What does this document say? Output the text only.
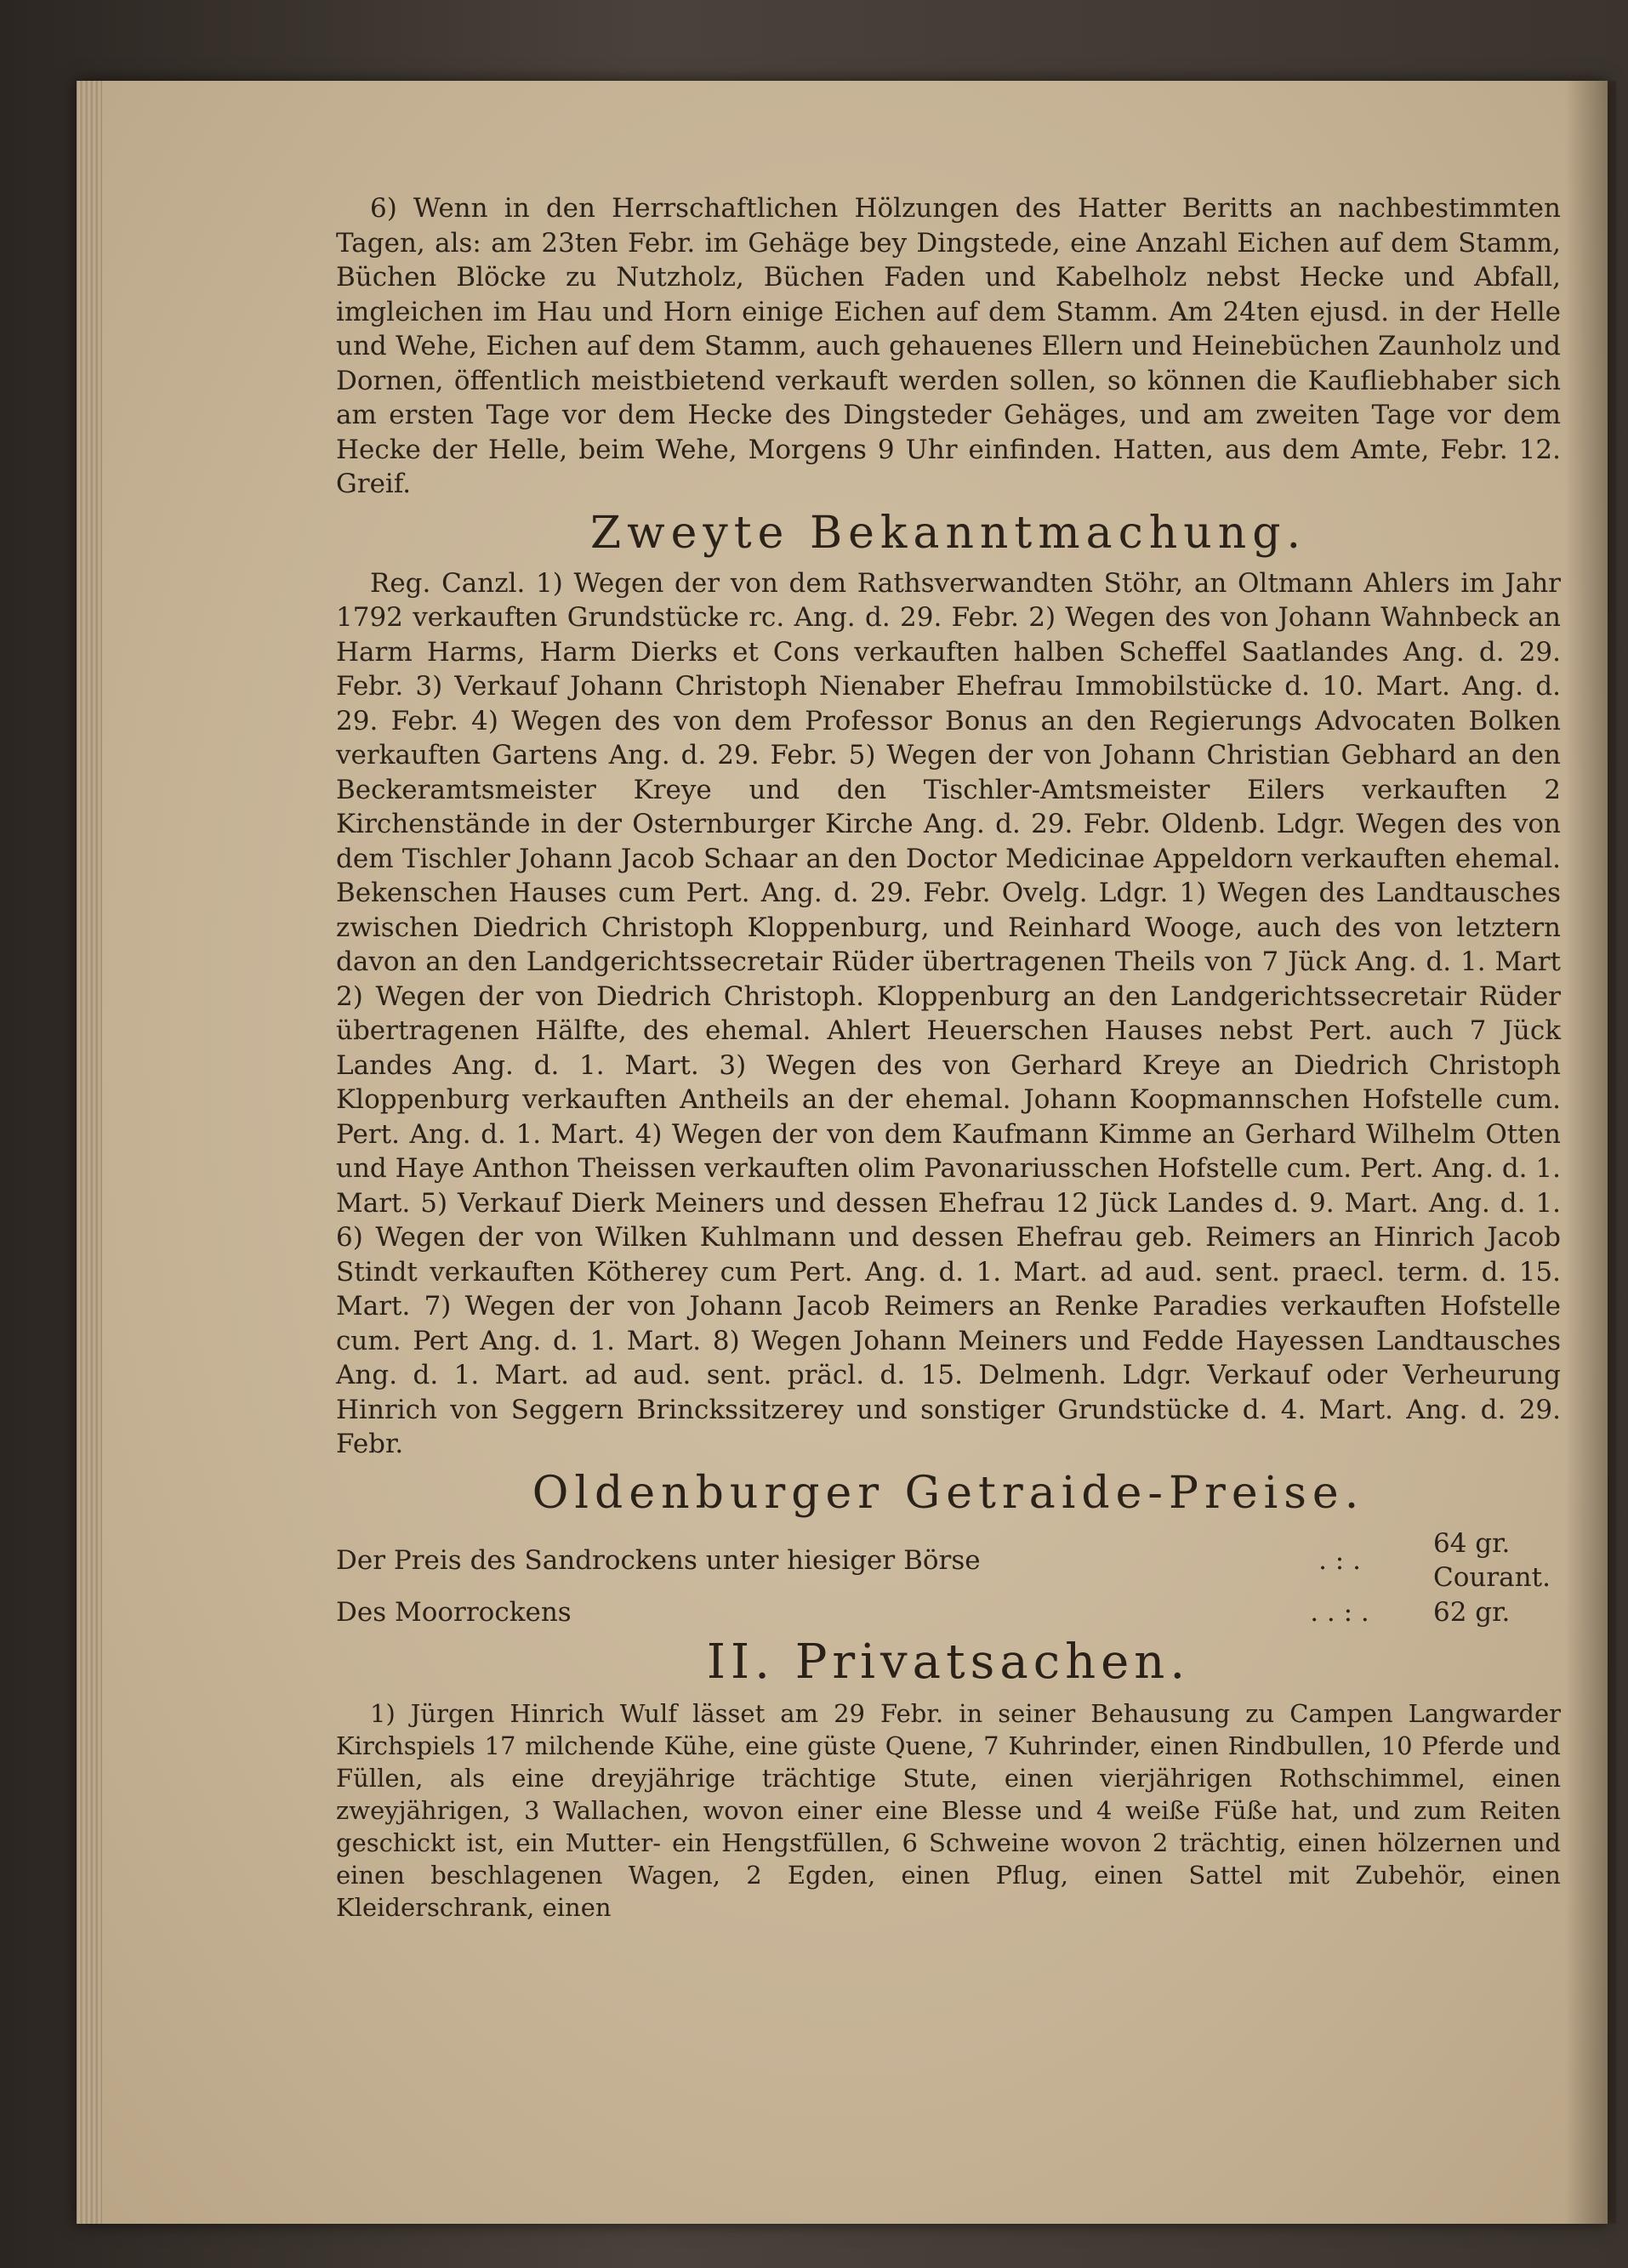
6) Wenn in den Herrschaftlichen Hölzungen des Hatter Beritts an nachbestimmten Tagen, als: am 23ten Febr. im Gehäge bey Dingstede, eine Anzahl Eichen auf dem Stamm, Büchen Blöcke zu Nutzholz, Büchen Faden und Kabelholz nebst Hecke und Abfall, imgleichen im Hau und Horn einige Eichen auf dem Stamm. Am 24ten ejusd. in der Helle und Wehe, Eichen auf dem Stamm, auch gehauenes Ellern und Heinebüchen Zaunholz und Dornen, öffentlich meistbietend verkauft werden sollen, so können die Kaufliebhaber sich am ersten Tage vor dem Hecke des Dingsteder Gehäges, und am zweiten Tage vor dem Hecke der Helle, beim Wehe, Morgens 9 Uhr einfinden. Hatten, aus dem Amte, Febr. 12. Greif.

Zweyte Bekanntmachung.

Reg. Canzl. 1) Wegen der von dem Rathsverwandten Stöhr, an Oltmann Ahlers im Jahr 1792 verkauften Grundstücke rc. Ang. d. 29. Febr. 2) Wegen des von Johann Wahnbeck an Harm Harms, Harm Dierks et Cons verkauften halben Scheffel Saatlandes Ang. d. 29. Febr. 3) Verkauf Johann Christoph Nienaber Ehefrau Immobilstücke d. 10. Mart. Ang. d. 29. Febr. 4) Wegen des von dem Professor Bonus an den Regierungs Advocaten Bolken verkauften Gartens Ang. d. 29. Febr. 5) Wegen der von Johann Christian Gebhard an den Beckeramtsmeister Kreye und den Tischler-Amtsmeister Eilers verkauften 2 Kirchenstände in der Osternburger Kirche Ang. d. 29. Febr. Oldenb. Ldgr. Wegen des von dem Tischler Johann Jacob Schaar an den Doctor Medicinae Appeldorn verkauften ehemal. Bekenschen Hauses cum Pert. Ang. d. 29. Febr. Ovelg. Ldgr. 1) Wegen des Landtausches zwischen Diedrich Christoph Kloppenburg, und Reinhard Wooge, auch des von letztern davon an den Landgerichtssecretair Rüder übertragenen Theils von 7 Jück Ang. d. 1. Mart 2) Wegen der von Diedrich Christoph. Kloppenburg an den Landgerichtssecretair Rüder übertragenen Hälfte, des ehemal. Ahlert Heuerschen Hauses nebst Pert. auch 7 Jück Landes Ang. d. 1. Mart. 3) Wegen des von Gerhard Kreye an Diedrich Christoph Kloppenburg verkauften Antheils an der ehemal. Johann Koopmannschen Hofstelle cum. Pert. Ang. d. 1. Mart. 4) Wegen der von dem Kaufmann Kimme an Gerhard Wilhelm Otten und Haye Anthon Theissen verkauften olim Pavonariusschen Hofstelle cum. Pert. Ang. d. 1. Mart. 5) Verkauf Dierk Meiners und dessen Ehefrau 12 Jück Landes d. 9. Mart. Ang. d. 1. 6) Wegen der von Wilken Kuhlmann und dessen Ehefrau geb. Reimers an Hinrich Jacob Stindt verkauften Kötherey cum Pert. Ang. d. 1. Mart. ad aud. sent. praecl. term. d. 15. Mart. 7) Wegen der von Johann Jacob Reimers an Renke Paradies verkauften Hofstelle cum. Pert Ang. d. 1. Mart. 8) Wegen Johann Meiners und Fedde Hayessen Landtausches Ang. d. 1. Mart. ad aud. sent. präcl. d. 15. Delmenh. Ldgr. Verkauf oder Verheurung Hinrich von Seggern Brinckssitzerey und sonstiger Grundstücke d. 4. Mart. Ang. d. 29. Febr.

Oldenburger Getraide-Preise.
Der Preis des Sandrockens unter hiesiger Börse	. : .	64 gr. Courant.
Des Moorrockens	. . : .	62 gr.
II. Privatsachen.

1) Jürgen Hinrich Wulf lässet am 29 Febr. in seiner Behausung zu Campen Langwarder Kirchspiels 17 milchende Kühe, eine güste Quene, 7 Kuhrinder, einen Rindbullen, 10 Pferde und Füllen, als eine dreyjährige trächtige Stute, einen vierjährigen Rothschimmel, einen zweyjährigen, 3 Wallachen, wovon einer eine Blesse und 4 weiße Füße hat, und zum Reiten geschickt ist, ein Mutter- ein Hengstfüllen, 6 Schweine wovon 2 trächtig, einen hölzernen und einen beschlagenen Wagen, 2 Egden, einen Pflug, einen Sattel mit Zubehör, einen Kleiderschrank, einen
